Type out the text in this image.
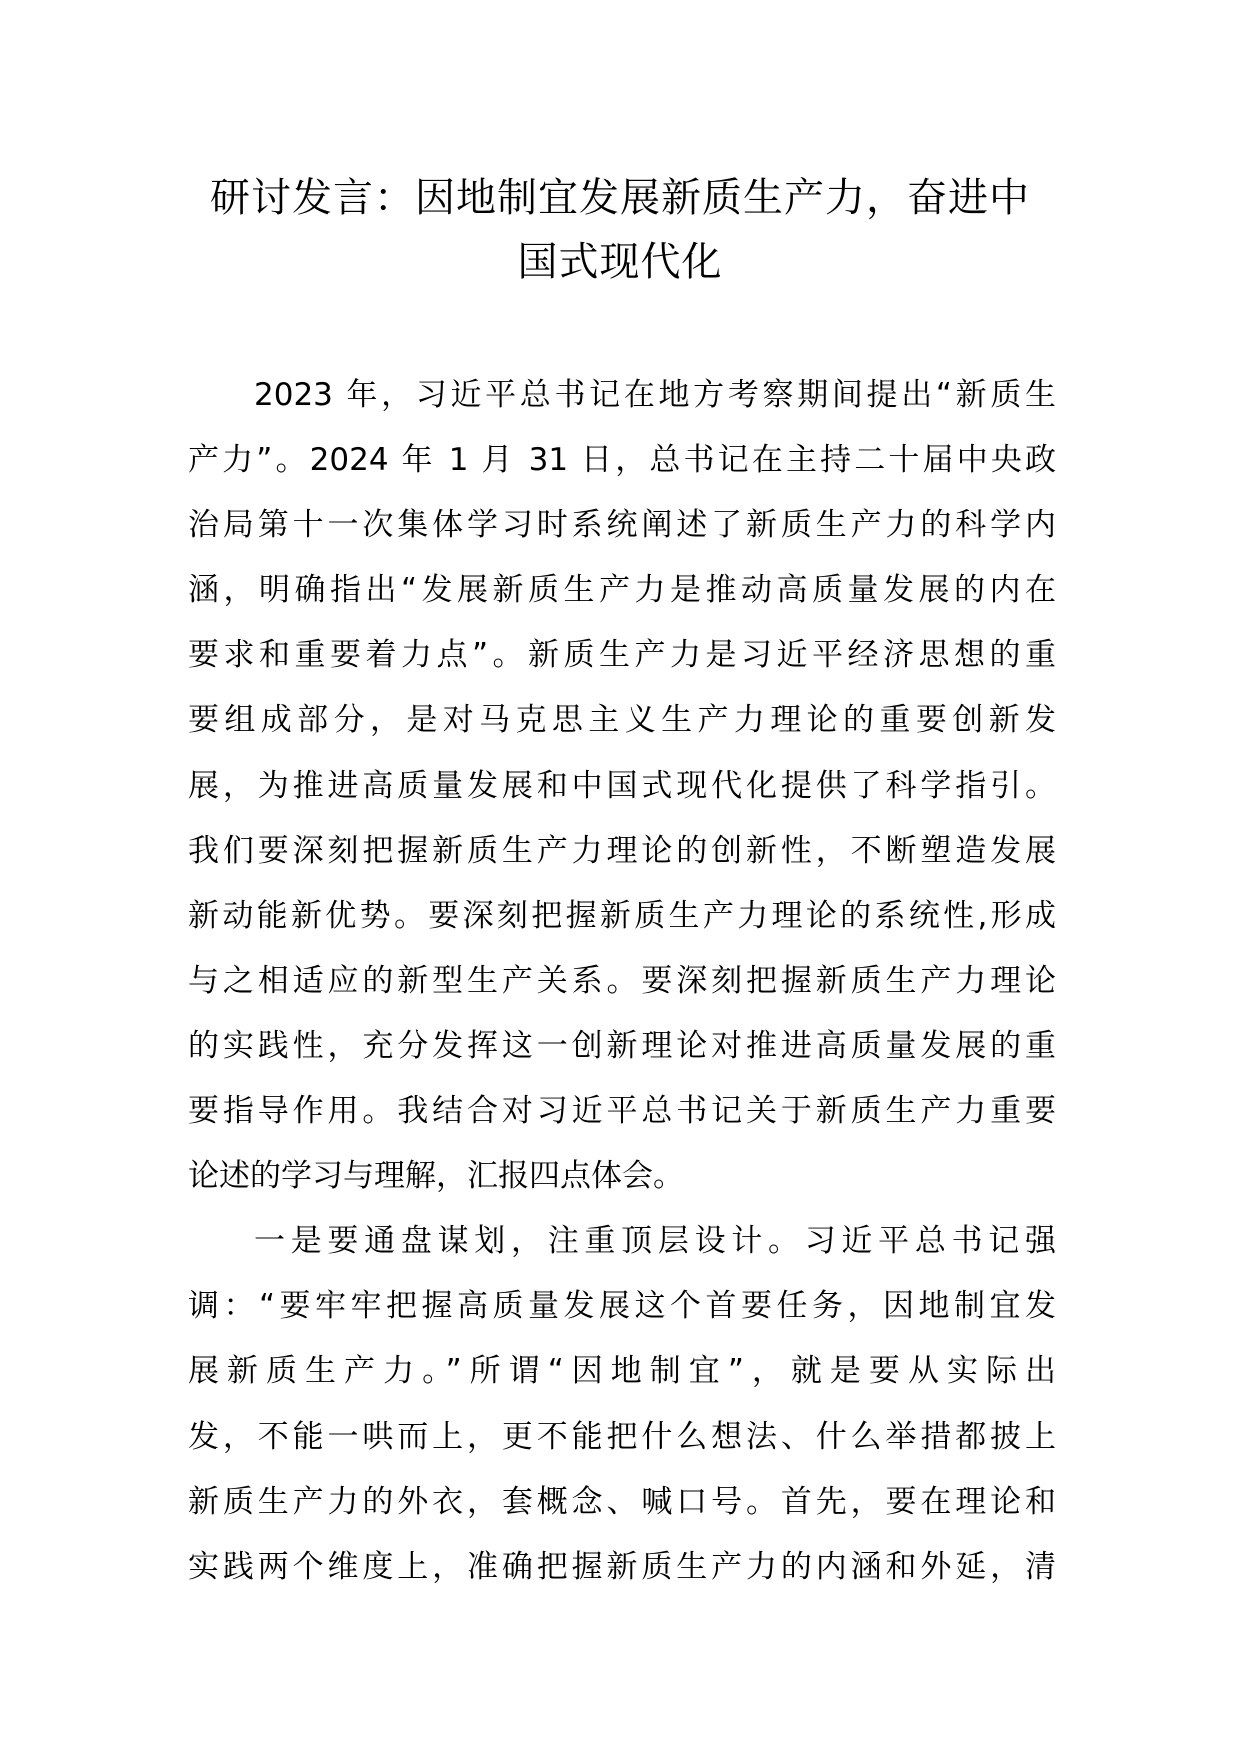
研讨发言：因地制宜发展新质生产力，奋进中
国式现代化
2023 年，习近平总书记在地方考察期间提出“新质生
产力”。2024 年 1 月 31 日，总书记在主持二十届中央政
治局第十一次集体学习时系统阐述了新质生产力的科学内
涵，明确指出“发展新质生产力是推动高质量发展的内在
要求和重要着力点”。新质生产力是习近平经济思想的重
要组成部分，是对马克思主义生产力理论的重要创新发
展，为推进高质量发展和中国式现代化提供了科学指引。
我们要深刻把握新质生产力理论的创新性，不断塑造发展
新动能新优势。要深刻把握新质生产力理论的系统性,形成
与之相适应的新型生产关系。要深刻把握新质生产力理论
的实践性，充分发挥这一创新理论对推进高质量发展的重
要指导作用。我结合对习近平总书记关于新质生产力重要
论述的学习与理解，汇报四点体会。
一是要通盘谋划，注重顶层设计。习近平总书记强
调：“要牢牢把握高质量发展这个首要任务，因地制宜发
展新质生产力。”所谓“因地制宜”，就是要从实际出
发，不能一哄而上，更不能把什么想法、什么举措都披上
新质生产力的外衣，套概念、喊口号。首先，要在理论和
实践两个维度上，准确把握新质生产力的内涵和外延，清
